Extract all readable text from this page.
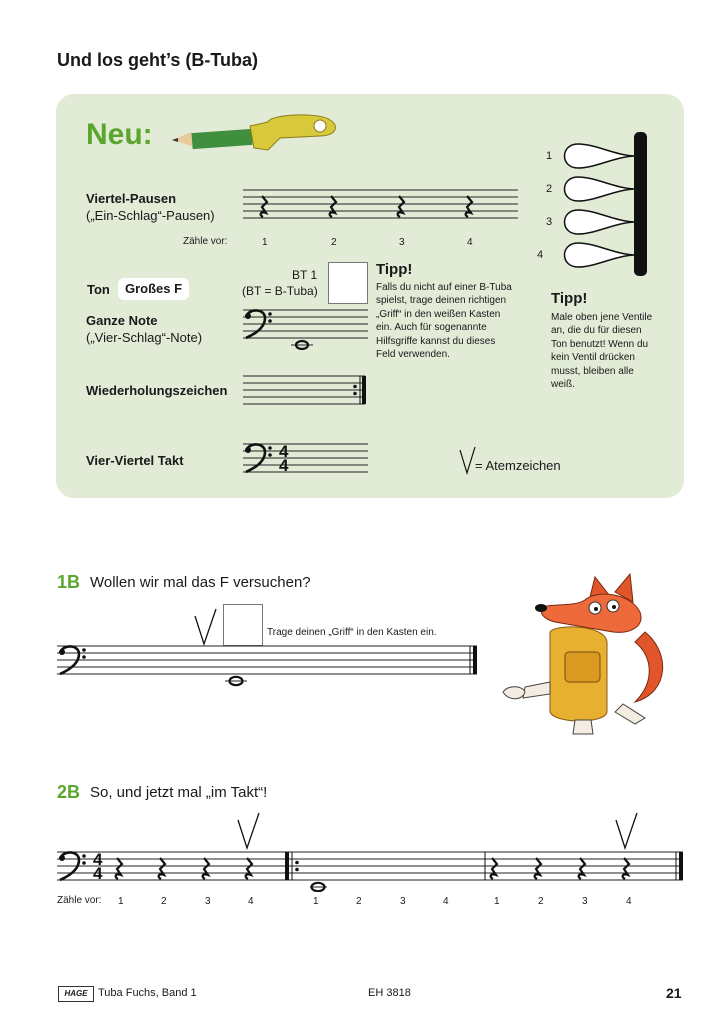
Und los geht’s (B-Tuba)
Neu:
Viertel-Pausen
(„Ein-Schlag“-Pausen)
Zähle vor:	1	2	3	4
Ton	Großes F
BT 1
(BT = B-Tuba)
Tipp!
Falls du nicht auf einer B-Tuba
spielst, trage deinen richtigen
„Griff“ in den weißen Kasten
ein. Auch für sogenannte
Hilfsgriffe kannst du dieses
Feld verwenden.
Ganze Note
(„Vier-Schlag“-Note)
Wiederholungszeichen
Vier-Viertel Takt	4
4	= Atemzeichen
1
2
3
4
Tipp!
Male oben jene Ventile
an, die du für diesen
Ton benutzt! Wenn du
kein Ventil drücken
musst, bleiben alle
weiß.
1B Wollen wir mal das F versuchen?
Trage deinen „Griff“ in den Kasten ein.
2B So, und jetzt mal „im Takt“!
4
4
Zähle vor: 1	2	3	4	1	2	3	4	1	2	3	4
HAGE Tuba Fuchs, Band 1	EH 3818	21
